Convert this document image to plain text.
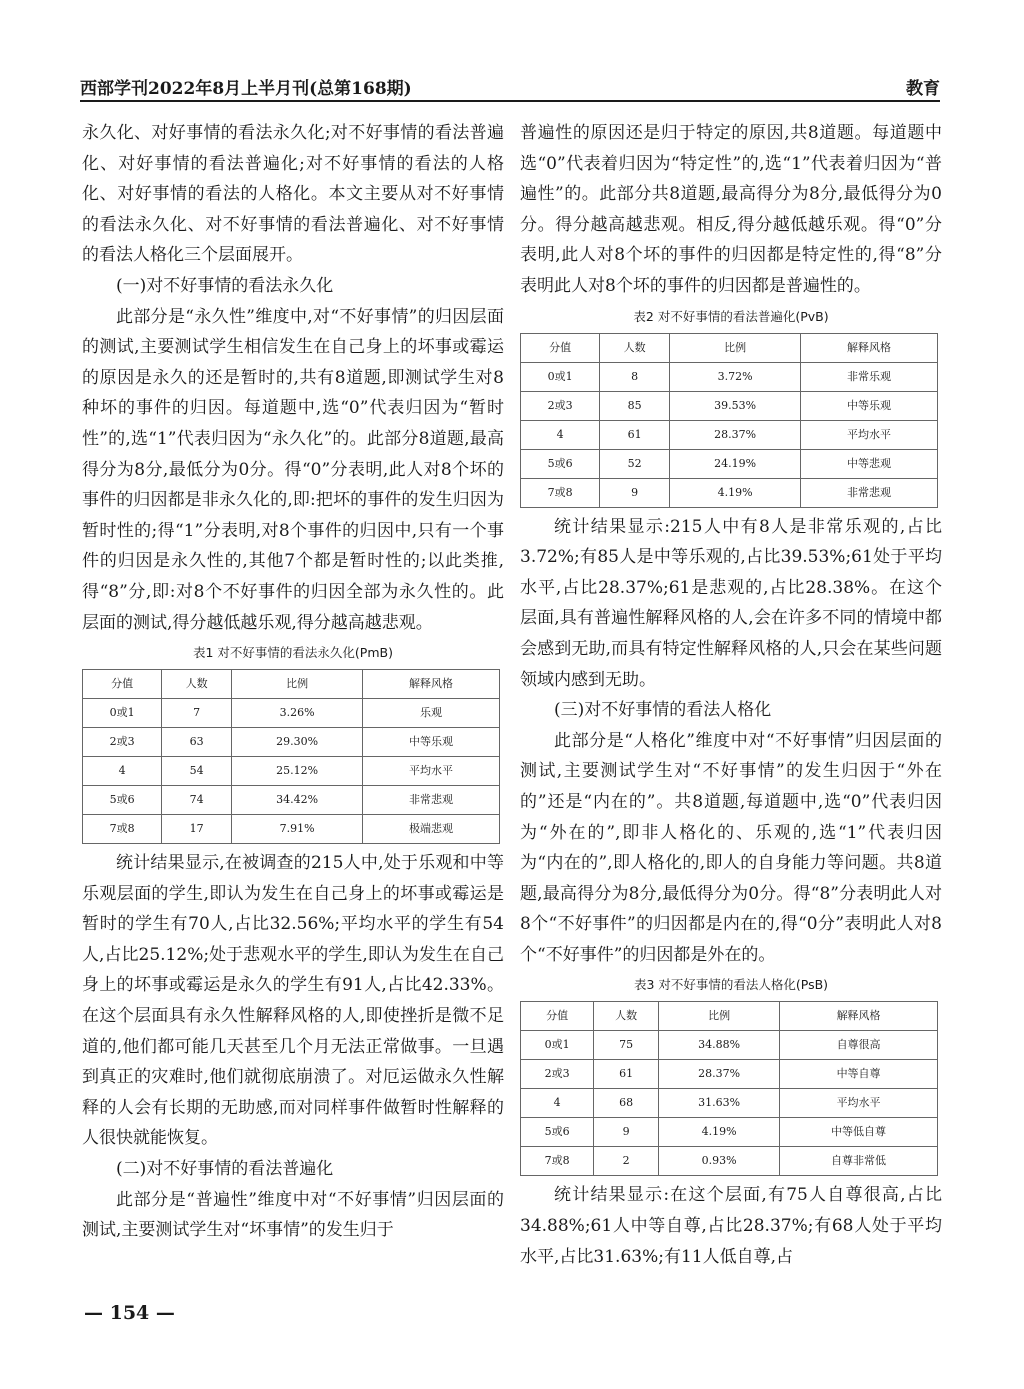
西部学刊2022年8月上半月刊(总第168期)	教育

永久化、对好事情的看法永久化;对不好事情的看法普遍化、对好事情的看法普遍化;对不好事情的看法的人格化、对好事情的看法的人格化。本文主要从对不好事情的看法永久化、对不好事情的看法普遍化、对不好事情的看法人格化三个层面展开。

(一)对不好事情的看法永久化

此部分是“永久性”维度中,对“不好事情”的归因层面的测试,主要测试学生相信发生在自己身上的坏事或霉运的原因是永久的还是暂时的,共有8道题,即测试学生对8种坏的事件的归因。每道题中,选“0”代表归因为“暂时性”的,选“1”代表归因为“永久化”的。此部分8道题,最高得分为8分,最低分为0分。得“0”分表明,此人对8个坏的事件的归因都是非永久化的,即:把坏的事件的发生归因为暂时性的;得“1”分表明,对8个事件的归因中,只有一个事件的归因是永久性的,其他7个都是暂时性的;以此类推,得“8”分,即:对8个不好事件的归因全部为永久性的。此层面的测试,得分越低越乐观,得分越高越悲观。

表1 对不好事情的看法永久化(PmB)
分值	人数	比例	解释风格
0或1	7	3.26%	乐观
2或3	63	29.30%	中等乐观
4	54	25.12%	平均水平
5或6	74	34.42%	非常悲观
7或8	17	7.91%	极端悲观

统计结果显示,在被调查的215人中,处于乐观和中等乐观层面的学生,即认为发生在自己身上的坏事或霉运是暂时的学生有70人,占比32.56%;平均水平的学生有54人,占比25.12%;处于悲观水平的学生,即认为发生在自己身上的坏事或霉运是永久的学生有91人,占比42.33%。在这个层面具有永久性解释风格的人,即使挫折是微不足道的,他们都可能几天甚至几个月无法正常做事。一旦遇到真正的灾难时,他们就彻底崩溃了。对厄运做永久性解释的人会有长期的无助感,而对同样事件做暂时性解释的人很快就能恢复。

(二)对不好事情的看法普遍化

此部分是“普遍性”维度中对“不好事情”归因层面的测试,主要测试学生对“坏事情”的发生归于

普遍性的原因还是归于特定的原因,共8道题。每道题中选“0”代表着归因为“特定性”的,选“1”代表着归因为“普遍性”的。此部分共8道题,最高得分为8分,最低得分为0分。得分越高越悲观。相反,得分越低越乐观。得“0”分表明,此人对8个坏的事件的归因都是特定性的,得“8”分表明此人对8个坏的事件的归因都是普遍性的。

表2 对不好事情的看法普遍化(PvB)
分值	人数	比例	解释风格
0或1	8	3.72%	非常乐观
2或3	85	39.53%	中等乐观
4	61	28.37%	平均水平
5或6	52	24.19%	中等悲观
7或8	9	4.19%	非常悲观

统计结果显示:215人中有8人是非常乐观的,占比3.72%;有85人是中等乐观的,占比39.53%;61处于平均水平,占比28.37%;61是悲观的,占比28.38%。在这个层面,具有普遍性解释风格的人,会在许多不同的情境中都会感到无助,而具有特定性解释风格的人,只会在某些问题领域内感到无助。

(三)对不好事情的看法人格化

此部分是“人格化”维度中对“不好事情”归因层面的测试,主要测试学生对“不好事情”的发生归因于“外在的”还是“内在的”。共8道题,每道题中,选“0”代表归因为“外在的”,即非人格化的、乐观的,选“1”代表归因为“内在的”,即人格化的,即人的自身能力等问题。共8道题,最高得分为8分,最低得分为0分。得“8”分表明此人对8个“不好事件”的归因都是内在的,得“0分”表明此人对8个“不好事件”的归因都是外在的。

表3 对不好事情的看法人格化(PsB)
分值	人数	比例	解释风格
0或1	75	34.88%	自尊很高
2或3	61	28.37%	中等自尊
4	68	31.63%	平均水平
5或6	9	4.19%	中等低自尊
7或8	2	0.93%	自尊非常低

统计结果显示:在这个层面,有75人自尊很高,占比34.88%;61人中等自尊,占比28.37%;有68人处于平均水平,占比31.63%;有11人低自尊,占

— 154 —
